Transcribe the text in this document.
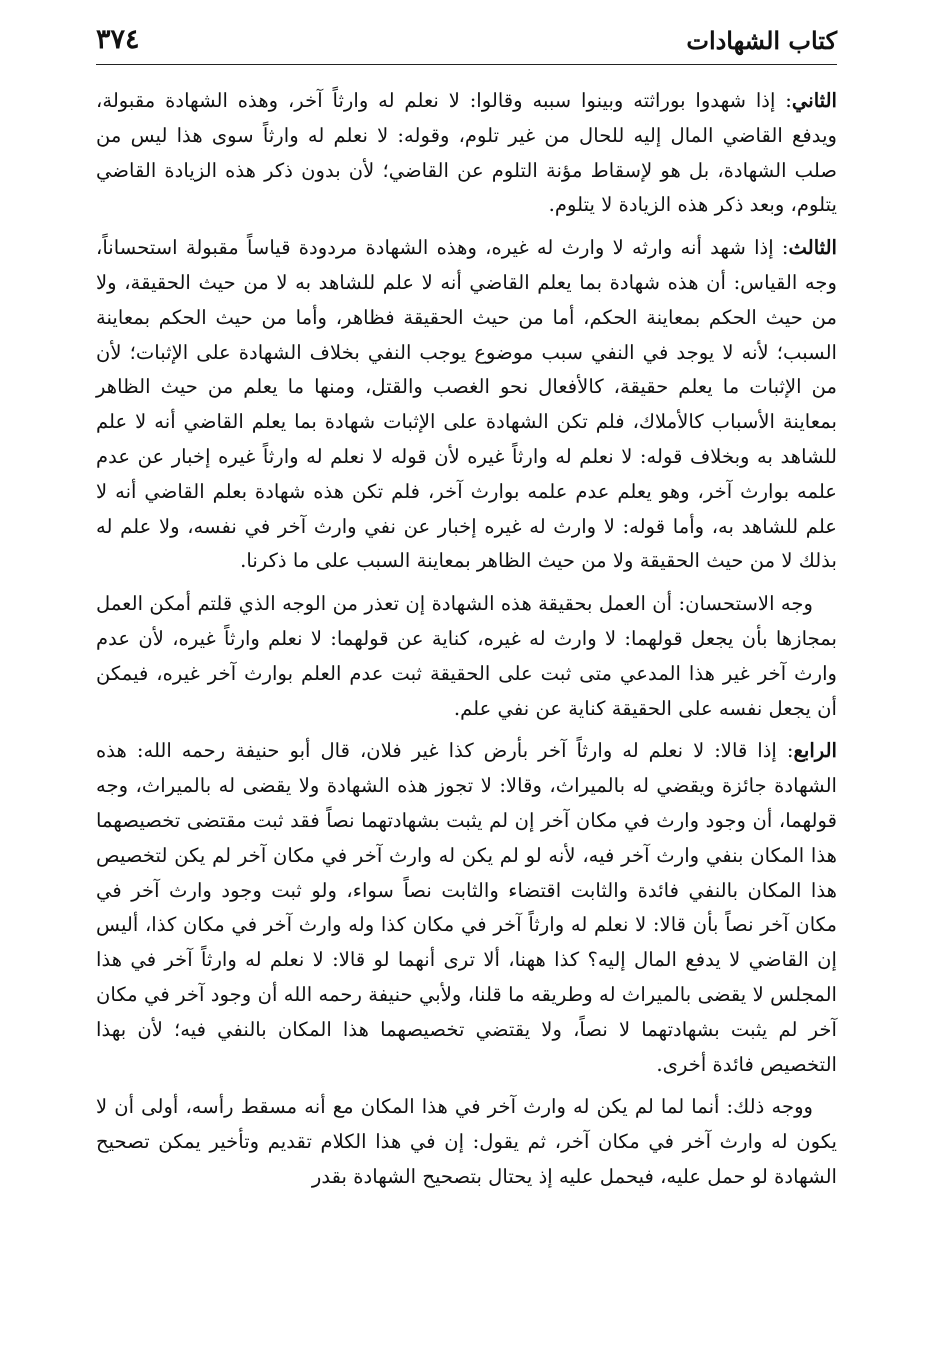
كتاب الشهادات
٣٧٤

الثاني: إذا شهدوا بوراثته وبينوا سببه وقالوا: لا نعلم له وارثاً آخر، وهذه الشهادة مقبولة، ويدفع القاضي المال إليه للحال من غير تلوم، وقوله: لا نعلم له وارثاً سوى هذا ليس من صلب الشهادة، بل هو لإسقاط مؤنة التلوم عن القاضي؛ لأن بدون ذكر هذه الزيادة القاضي يتلوم، وبعد ذكر هذه الزيادة لا يتلوم.

الثالث: إذا شهد أنه وارثه لا وارث له غيره، وهذه الشهادة مردودة قياساً مقبولة استحساناً، وجه القياس: أن هذه شهادة بما يعلم القاضي أنه لا علم للشاهد به لا من حيث الحقيقة، ولا من حيث الحكم بمعاينة الحكم، أما من حيث الحقيقة فظاهر، وأما من حيث الحكم بمعاينة السبب؛ لأنه لا يوجد في النفي سبب موضوع يوجب النفي بخلاف الشهادة على الإثبات؛ لأن من الإثبات ما يعلم حقيقة، كالأفعال نحو الغصب والقتل، ومنها ما يعلم من حيث الظاهر بمعاينة الأسباب كالأملاك، فلم تكن الشهادة على الإثبات شهادة بما يعلم القاضي أنه لا علم للشاهد به وبخلاف قوله: لا نعلم له وارثاً غيره لأن قوله لا نعلم له وارثاً غيره إخبار عن عدم علمه بوارث آخر، وهو يعلم عدم علمه بوارث آخر، فلم تكن هذه شهادة بعلم القاضي أنه لا علم للشاهد به، وأما قوله: لا وارث له غيره إخبار عن نفي وارث آخر في نفسه، ولا علم له بذلك لا من حيث الحقيقة ولا من حيث الظاهر بمعاينة السبب على ما ذكرنا.

وجه الاستحسان: أن العمل بحقيقة هذه الشهادة إن تعذر من الوجه الذي قلتم أمكن العمل بمجازها بأن يجعل قولهما: لا وارث له غيره، كناية عن قولهما: لا نعلم وارثاً غيره، لأن عدم وارث آخر غير هذا المدعي متى ثبت على الحقيقة ثبت عدم العلم بوارث آخر غيره، فيمكن أن يجعل نفسه على الحقيقة كناية عن نفي علم.

الرابع: إذا قالا: لا نعلم له وارثاً آخر بأرض كذا غير فلان، قال أبو حنيفة رحمه الله: هذه الشهادة جائزة ويقضي له بالميراث، وقالا: لا تجوز هذه الشهادة ولا يقضى له بالميراث، وجه قولهما، أن وجود وارث في مكان آخر إن لم يثبت بشهادتهما نصاً فقد ثبت مقتضى تخصيصهما هذا المكان بنفي وارث آخر فيه، لأنه لو لم يكن له وارث آخر في مكان آخر لم يكن لتخصيص هذا المكان بالنفي فائدة والثابت اقتضاء والثابت نصاً سواء، ولو ثبت وجود وارث آخر في مكان آخر نصاً بأن قالا: لا نعلم له وارثاً آخر في مكان كذا وله وارث آخر في مكان كذا، أليس إن القاضي لا يدفع المال إليه؟ كذا ههنا، ألا ترى أنهما لو قالا: لا نعلم له وارثاً آخر في هذا المجلس لا يقضى بالميراث له وطريقه ما قلنا، ولأبي حنيفة رحمه الله أن وجود آخر في مكان آخر لم يثبت بشهادتهما لا نصاً، ولا يقتضي تخصيصهما هذا المكان بالنفي فيه؛ لأن بهذا التخصيص فائدة أخرى.

ووجه ذلك: أنما لما لم يكن له وارث آخر في هذا المكان مع أنه مسقط رأسه، أولى أن لا يكون له وارث آخر في مكان آخر، ثم يقول: إن في هذا الكلام تقديم وتأخير يمكن تصحيح الشهادة لو حمل عليه، فيحمل عليه إذ يحتال بتصحيح الشهادة بقدر
